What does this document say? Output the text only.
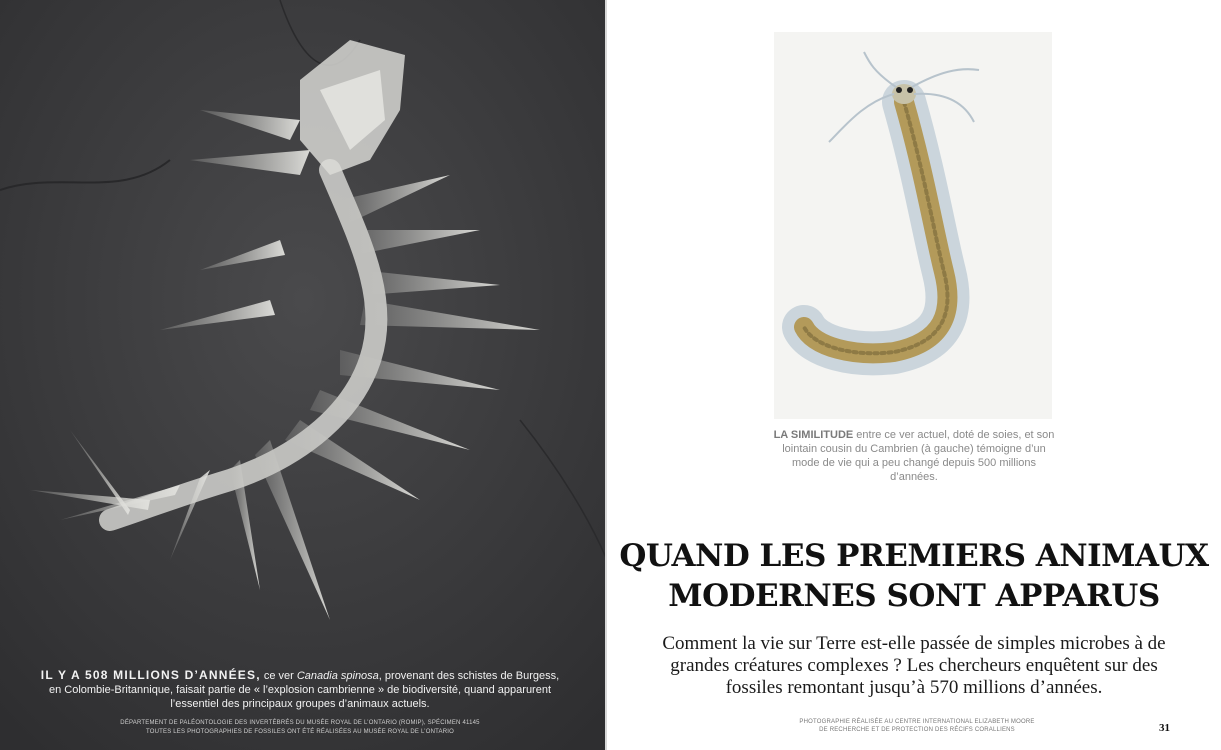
IL Y A 508 MILLIONS D’ANNÉES, ce ver Canadia spinosa, provenant des schistes de Burgess, en Colombie-Britannique, faisait partie de « l’explosion cambrienne » de biodiversité, quand apparurent l’essentiel des principaux groupes d’animaux actuels.
DÉPARTEMENT DE PALÉONTOLOGIE DES INVERTÉBRÉS DU MUSÉE ROYAL DE L’ONTARIO (ROMIP), SPÉCIMEN 41145
TOUTES LES PHOTOGRAPHIES DE FOSSILES ONT ÉTÉ RÉALISÉES AU MUSÉE ROYAL DE L’ONTARIO
LA SIMILITUDE entre ce ver actuel, doté de soies, et son lointain cousin du Cambrien (à gauche) témoigne d’un mode de vie qui a peu changé depuis 500 millions d’années.
QUAND LES PREMIERS ANIMAUX
MODERNES SONT APPARUS
Comment la vie sur Terre est-elle passée de simples microbes à de grandes créatures complexes ? Les chercheurs enquêtent sur des fossiles remontant jusqu’à 570 millions d’années.
PHOTOGRAPHIE RÉALISÉE AU CENTRE INTERNATIONAL ELIZABETH MOORE
DE RECHERCHE ET DE PROTECTION DES RÉCIFS CORALLIENS	31
